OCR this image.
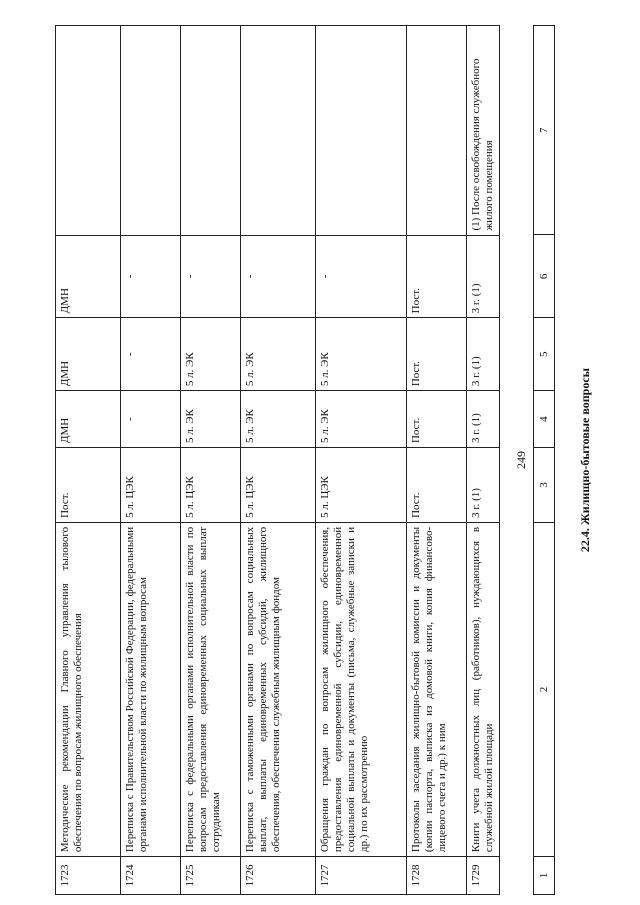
1723
Методические рекомендации Главного управления тылового обеспечения по вопросам жилищного обеспечения
Пост.
ДМН
ДМН
ДМН
1724
Переписка с Правительством Российской Федерации, федеральными органами исполнительной власти по жилищным вопросам
5 л. ЦЭК
-
-
-
1725
Переписка с федеральными органами исполнительной власти по вопросам предоставления единовременных социальных выплат сотрудникам
5 л. ЦЭК
5 л. ЭК
5 л. ЭК
-
1726
Переписка с таможенными органами по вопросам социальных выплат, выплаты единовременных субсидий, жилищного обеспечения, обеспечения служебным жилищным фондом
5 л. ЦЭК
5 л. ЭК
5 л. ЭК
-
1727
Обращения граждан по вопросам жилищного обеспечения, предоставления единовременной субсидии, единовременной социальной выплаты и документы (письма, служебные записки и др.) по их рассмотрению
5 л. ЦЭК
5 л. ЭК
5 л. ЭК
-
1728
Протоколы заседания жилищно-бытовой комиссии и документы (копии паспорта, выписка из домовой книги, копия финансово-лицевого счета и др.) к ним
Пост.
Пост.
Пост.
Пост.
1729
Книги учета должностных лиц (работников), нуждающихся в служебной жилой площади
3 г. (1)
3 г. (1)
3 г. (1)
3 г. (1)
(1) После освобождения служебного жилого помещения
249
1
2
3
4
5
6
7
22.4. Жилищно-бытовые вопросы
